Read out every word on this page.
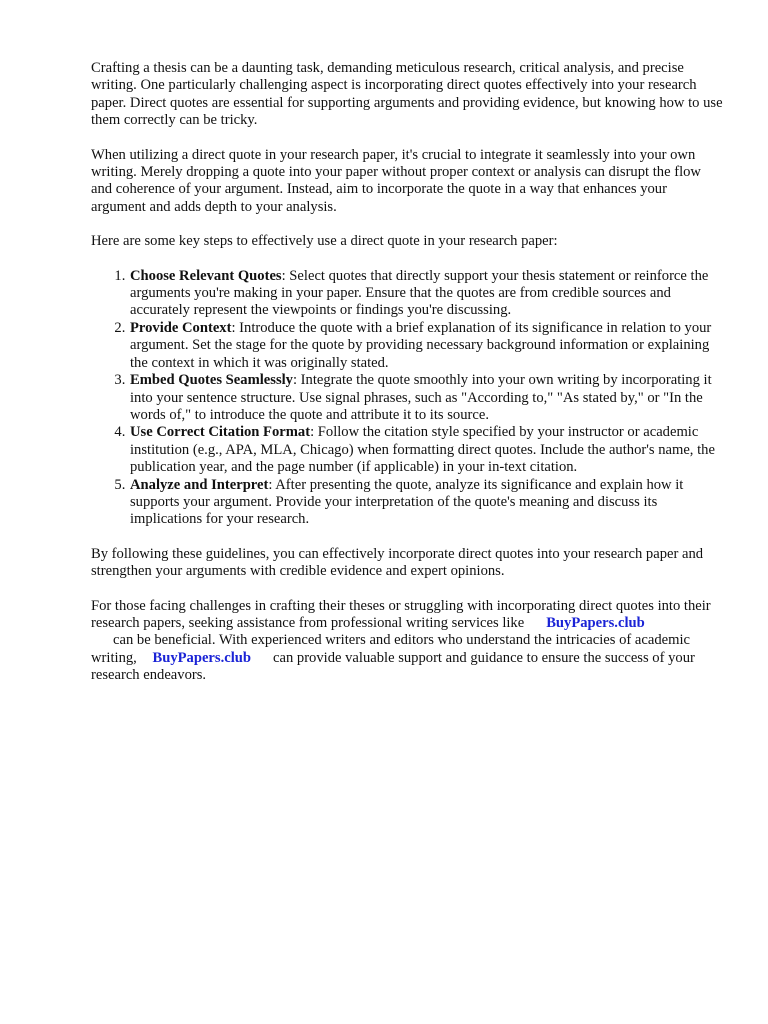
Crafting a thesis can be a daunting task, demanding meticulous research, critical analysis, and precise writing. One particularly challenging aspect is incorporating direct quotes effectively into your research paper. Direct quotes are essential for supporting arguments and providing evidence, but knowing how to use them correctly can be tricky.

When utilizing a direct quote in your research paper, it's crucial to integrate it seamlessly into your own writing. Merely dropping a quote into your paper without proper context or analysis can disrupt the flow and coherence of your argument. Instead, aim to incorporate the quote in a way that enhances your argument and adds depth to your analysis.

Here are some key steps to effectively use a direct quote in your research paper:

1. Choose Relevant Quotes: Select quotes that directly support your thesis statement or reinforce the arguments you're making in your paper. Ensure that the quotes are from credible sources and accurately represent the viewpoints or findings you're discussing.
2. Provide Context: Introduce the quote with a brief explanation of its significance in relation to your argument. Set the stage for the quote by providing necessary background information or explaining the context in which it was originally stated.
3. Embed Quotes Seamlessly: Integrate the quote smoothly into your own writing by incorporating it into your sentence structure. Use signal phrases, such as "According to," "As stated by," or "In the words of," to introduce the quote and attribute it to its source.
4. Use Correct Citation Format: Follow the citation style specified by your instructor or academic institution (e.g., APA, MLA, Chicago) when formatting direct quotes. Include the author's name, the publication year, and the page number (if applicable) in your in-text citation.
5. Analyze and Interpret: After presenting the quote, analyze its significance and explain how it supports your argument. Provide your interpretation of the quote's meaning and discuss its implications for your research.

By following these guidelines, you can effectively incorporate direct quotes into your research paper and strengthen your arguments with credible evidence and expert opinions.

For those facing challenges in crafting their theses or struggling with incorporating direct quotes into their research papers, seeking assistance from professional writing services like BuyPapers.club
can be beneficial. With experienced writers and editors who understand the intricacies of academic writing, BuyPapers.club can provide valuable support and guidance to ensure the success of your research endeavors.
